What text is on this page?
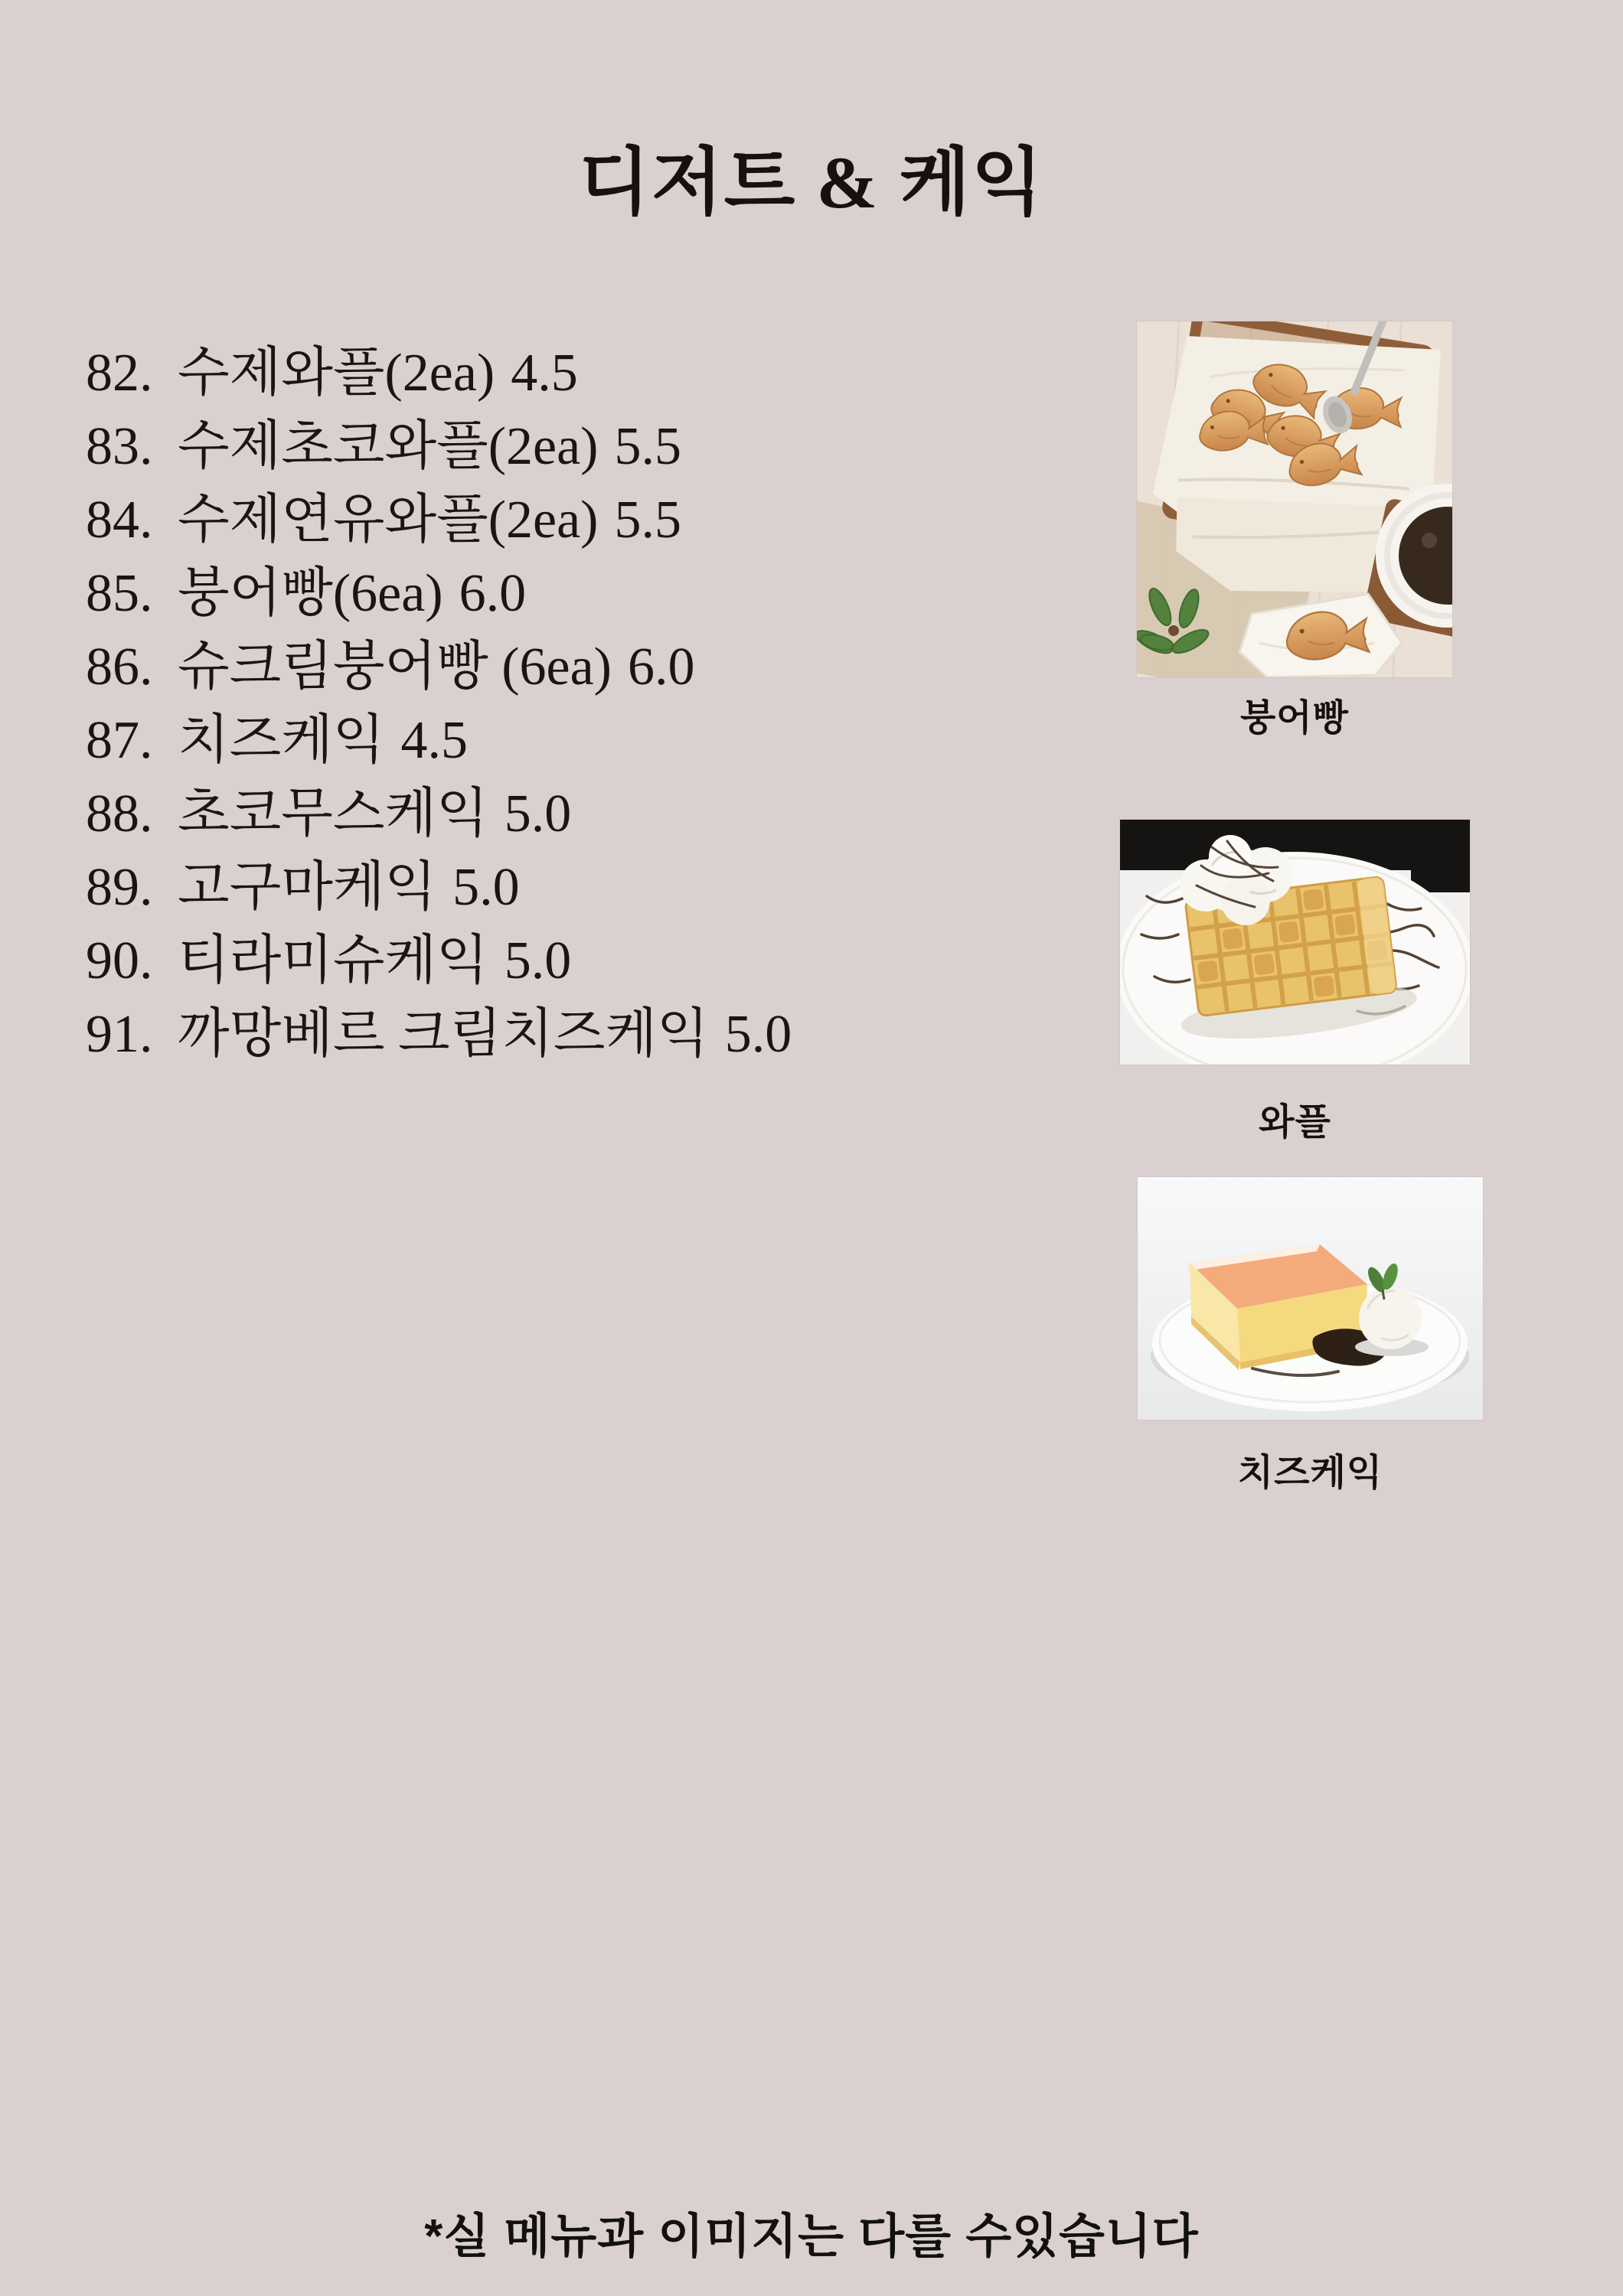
디저트 & 케익
82. 수제와플(2ea) 4.5
83. 수제초코와플(2ea) 5.5
84. 수제연유와플(2ea) 5.5
85. 붕어빵(6ea) 6.0
86. 슈크림붕어빵 (6ea) 6.0
87. 치즈케익 4.5
88. 초코무스케익 5.0
89. 고구마케익 5.0
90. 티라미슈케익 5.0
91. 까망베르 크림치즈케익 5.0
붕어빵
와플
치즈케익
*실 메뉴과 이미지는 다를 수있습니다
